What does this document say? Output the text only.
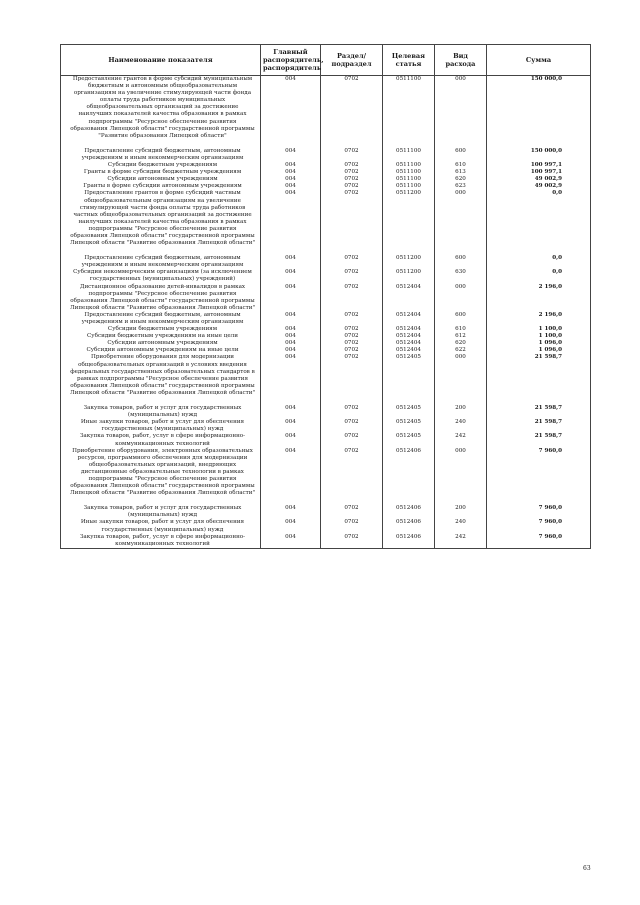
Наименование показателя	Главный распорядитель, распорядитель	Раздел/подраздел	Целевая статья	Вид расхода	Сумма
Предоставление грантов в форме субсидий муниципальным бюджетным и автономным общеобразовательным организациям на увеличение стимулирующей части фонда оплаты труда работников муниципальных общеобразовательных организаций за достижение наилучших показателей качества образования в рамках подпрограммы "Ресурсное обеспечение развития образования Липецкой области" государственной программы "Развитие образования Липецкой области"	004	0702	0511100	000	150 000,0
Предоставление субсидий бюджетным, автономным учреждениям и иным некоммерческим организациям	004	0702	0511100	600	150 000,0
Субсидии бюджетным учреждениям	004	0702	0511100	610	100 997,1
Гранты в форме субсидии бюджетным учреждениям	004	0702	0511100	613	100 997,1
Субсидии автономным учреждениям	004	0702	0511100	620	49 002,9
Гранты в форме субсидии автономным учреждениям	004	0702	0511100	623	49 002,9
Предоставление грантов в форме субсидий частным общеобразовательным организациям на увеличение стимулирующей части фонда оплаты труда работников частных общеобразовательных организаций за достижение наилучших показателей качества образования в рамках подпрограммы "Ресурсное обеспечение развития образования Липецкой области" государственной программы Липецкой области "Развитие образования Липецкой области"	004	0702	0511200	000	0,0
Предоставление субсидий бюджетным, автономным учреждениям и иным некоммерческим организациям	004	0702	0511200	600	0,0
Субсидии некоммерческим организациям (за исключением государственных (муниципальных) учреждений)	004	0702	0511200	630	0,0
Дистанционное образование детей-инвалидов в рамках подпрограммы "Ресурсное обеспечение развития образования Липецкой области" государственной программы Липецкой области "Развитие образования Липецкой области"	004	0702	0512404	000	2 196,0
Предоставление субсидий бюджетным, автономным учреждениям и иным некоммерческим организациям	004	0702	0512404	600	2 196,0
Субсидии бюджетным учреждениям	004	0702	0512404	610	1 100,0
Субсидии бюджетным учреждениям на иные цели	004	0702	0512404	612	1 100,0
Субсидии автономным учреждениям	004	0702	0512404	620	1 096,0
Субсидии автономным учреждениям на иные цели	004	0702	0512404	622	1 096,0
Приобретение оборудования для модернизации общеобразовательных организаций в условиях введения федеральных государственных образовательных стандартов в рамках подпрограммы "Ресурсное обеспечение развития образования Липецкой области" государственной программы Липецкой области "Развитие образования Липецкой области"	004	0702	0512405	000	21 598,7
Закупка товаров, работ и услуг для государственных (муниципальных) нужд	004	0702	0512405	200	21 598,7
Иные закупки товаров, работ и услуг для обеспечения государственных (муниципальных) нужд	004	0702	0512405	240	21 598,7
Закупка товаров, работ, услуг в сфере информационно-коммуникационных технологий	004	0702	0512405	242	21 598,7
Приобретение оборудования, электронных образовательных ресурсов, программного обеспечения для модернизации общеобразовательных организаций, внедряющих дистанционные образовательные технологии в рамках подпрограммы "Ресурсное обеспечение развития образования Липецкой области" государственной программы Липецкой области "Развитие образования Липецкой области"	004	0702	0512406	000	7 960,0
Закупка товаров, работ и услуг для государственных (муниципальных) нужд	004	0702	0512406	200	7 960,0
Иные закупки товаров, работ и услуг для обеспечения государственных (муниципальных) нужд	004	0702	0512406	240	7 960,0
Закупка товаров, работ, услуг в сфере информационно-коммуникационных технологий	004	0702	0512406	242	7 960,0
63
